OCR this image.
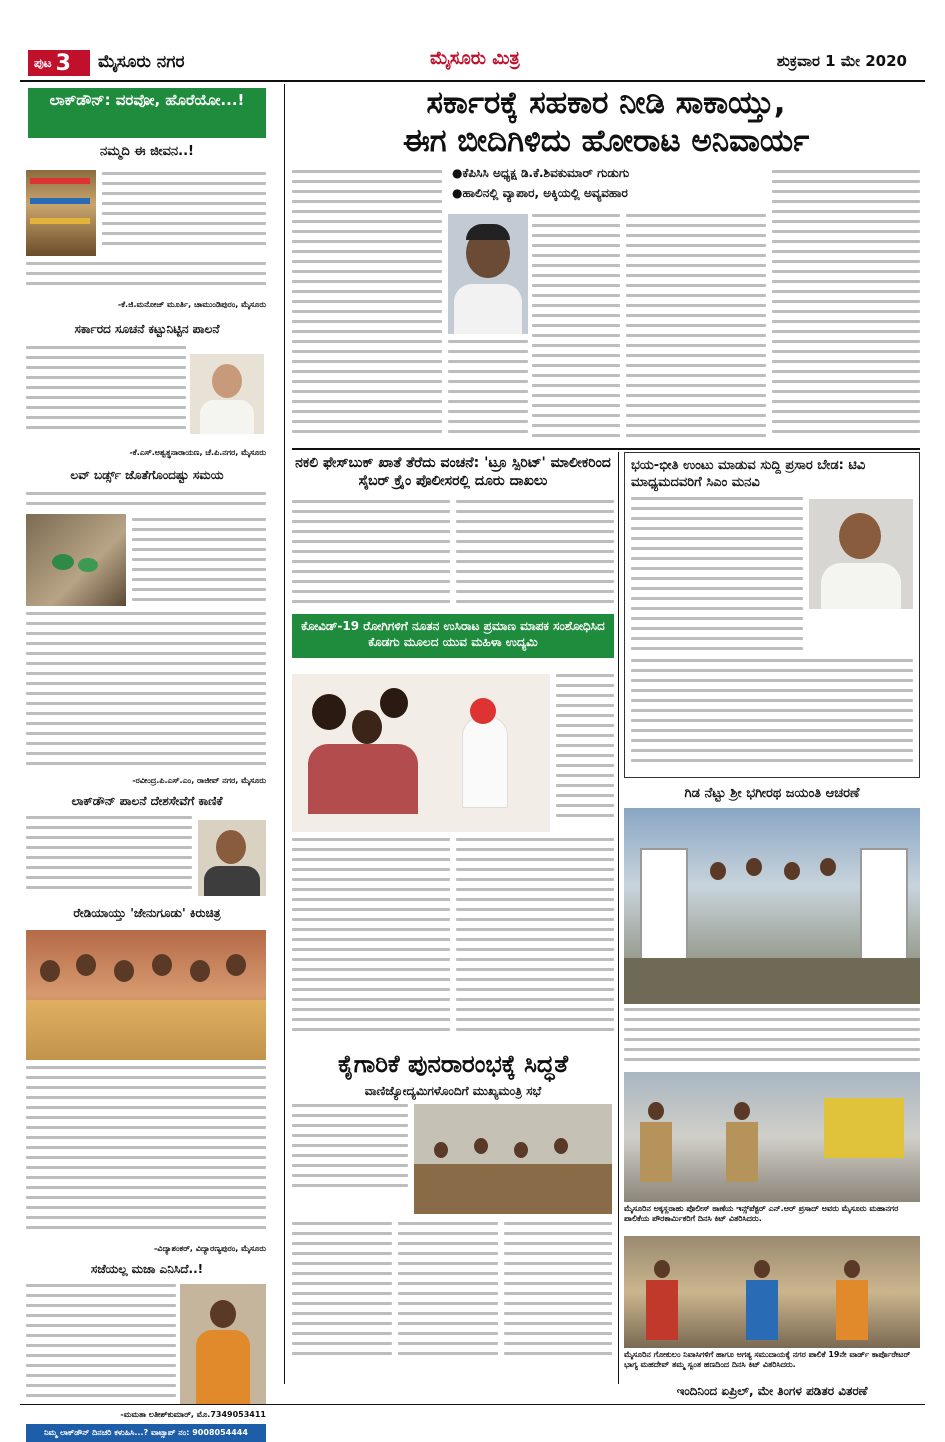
ಪುಟ 3 ಮೈಸೂರು ನಗರ	ಮೈಸೂರು ಮಿತ್ರ	ಶುಕ್ರವಾರ 1 ಮೇ 2020
ಲಾಕ್‌ಡೌನ್: ವರವೋ, ಹೊರೆಯೋ...!
ನಮ್ಮದಿ ಈ ಜೀವನ..!
-ಕೆ.ಜಿ.ಮನೋಜ್ ಮೂರ್ತಿ, ಚಾಮುಂಡಿಪುರಂ, ಮೈಸೂರು
ಸರ್ಕಾರದ ಸೂಚನೆ ಕಟ್ಟುನಿಟ್ಟಿನ ಪಾಲನೆ
-ಕೆ.ಎಸ್.ಅಶ್ವತ್ಥನಾರಾಯಣ, ಚೆ.ಪಿ.ನಗರ, ಮೈಸೂರು
ಲವ್ ಬರ್ಡ್ಸ್ ಜೊತೆಗೊಂದಷ್ಟು ಸಮಯ
-ರವೀಂದ್ರ.ಪಿ.ಎಸ್.ಎಂ, ರಾಜೀವ್ ನಗರ, ಮೈಸೂರು
ಲಾಕ್‌ಡೌನ್ ಪಾಲನೆ ದೇಶಸೇವೆಗೆ ಕಾಣಿಕೆ
ರೇಡಿಯಾಯ್ತು 'ಜೇನುಗೂಡು' ಕಿರುಚಿತ್ರ
-ವಿದ್ಯಾಶಂಕರ್, ವಿದ್ಯಾರಣ್ಯಪುರಂ, ಮೈಸೂರು
ಸಜೆಯಲ್ಲ ಮಜಾ ಎನಿಸಿದೆ..!
-ಮಮತಾ ಲತೀಶ್‌ಕುಮಾರ್, ಮೊ.7349053411
ನಿಮ್ಮ ಲಾಕ್‌ಡೌನ್ ದಿನಚರಿ ಕಳುಹಿಸಿ...? ವಾಟ್ಸಾಪ್ ನಂ: 9008054444
ಸರ್ಕಾರಕ್ಕೆ ಸಹಕಾರ ನೀಡಿ ಸಾಕಾಯ್ತು,
ಈಗ ಬೀದಿಗಿಳಿದು ಹೋರಾಟ ಅನಿವಾರ್ಯ
●ಕೆಪಿಸಿಸಿ ಅಧ್ಯಕ್ಷ ಡಿ.ಕೆ.ಶಿವಕುಮಾರ್ ಗುಡುಗು
●ಹಾಲಿನಲ್ಲಿ ವ್ಯಾಪಾರ, ಅಕ್ಕಿಯಲ್ಲಿ ಅವ್ಯವಹಾರ
ನಕಲಿ ಫೇಸ್‌ಬುಕ್ ಖಾತೆ ತೆರೆದು ವಂಚನೆ: 'ಟ್ರೂ ಸ್ಪಿರಿಟ್' ಮಾಲೀಕರಿಂದ ಸೈಬರ್ ಕ್ರೈಂ ಪೊಲೀಸರಲ್ಲಿ ದೂರು ದಾಖಲು
ಕೋವಿಡ್-19 ರೋಗಿಗಳಿಗೆ ನೂತನ ಉಸಿರಾಟ ಪ್ರಮಾಣ ಮಾಪಕ ಸಂಶೋಧಿಸಿದ ಕೊಡಗು ಮೂಲದ ಯುವ ಮಹಿಳಾ ಉದ್ಯಮಿ
ಕೈಗಾರಿಕೆ ಪುನರಾರಂಭಕ್ಕೆ ಸಿದ್ಧತೆ
ವಾಣಿಜ್ಯೋದ್ಯಮಿಗಳೊಂದಿಗೆ ಮುಖ್ಯಮಂತ್ರಿ ಸಭೆ
ಭಯ-ಭೀತಿ ಉಂಟು ಮಾಡುವ ಸುದ್ದಿ ಪ್ರಸಾರ ಬೇಡ: ಟಿವಿ ಮಾಧ್ಯಮದವರಿಗೆ ಸಿಎಂ ಮನವಿ
ಗಿಡ ನೆಟ್ಟು ಶ್ರೀ ಭಗೀರಥ ಜಯಂತಿ ಆಚರಣೆ
ಮೈಸೂರಿನ ಅಕ್ಕಸ್ಲರಾಹು ಪೊಲೀಸ್ ಠಾಣೆಯ ಇನ್ಸ್‌ಪೆಕ್ಟರ್ ಎನ್.ಆರ್ ಪ್ರಸಾದ್ ಅವರು ಮೈಸೂರು ಮಹಾನಗರ ಪಾಲಿಕೆಯ ಪೌರಕಾರ್ಮಿಕರಿಗೆ ದಿನಸಿ ಕಿಟ್ ವಿತರಿಸಿದರು.
ಮೈಸೂರಿನ ಗೋಕುಲಂ ನಿವಾಸಿಗಳಿಗೆ ಹಾಗೂ ಅಗತ್ಯ ಸಮುದಾಯಕ್ಕೆ ನಗರ ಪಾಲಿಕೆ 19ನೇ ವಾರ್ಡ್ ಕಾರ್ಪೊರೇಟರ್ ಭಾಗ್ಯ ಮಹದೇವ್ ತಮ್ಮ ಸ್ವಂತ ಹಣದಿಂದ ದಿನಸಿ ಕಿಟ್ ವಿತರಿಸಿದರು.
ಇಂದಿನಿಂದ ಏಪ್ರಿಲ್, ಮೇ ತಿಂಗಳ ಪಡಿತರ ವಿತರಣೆ
